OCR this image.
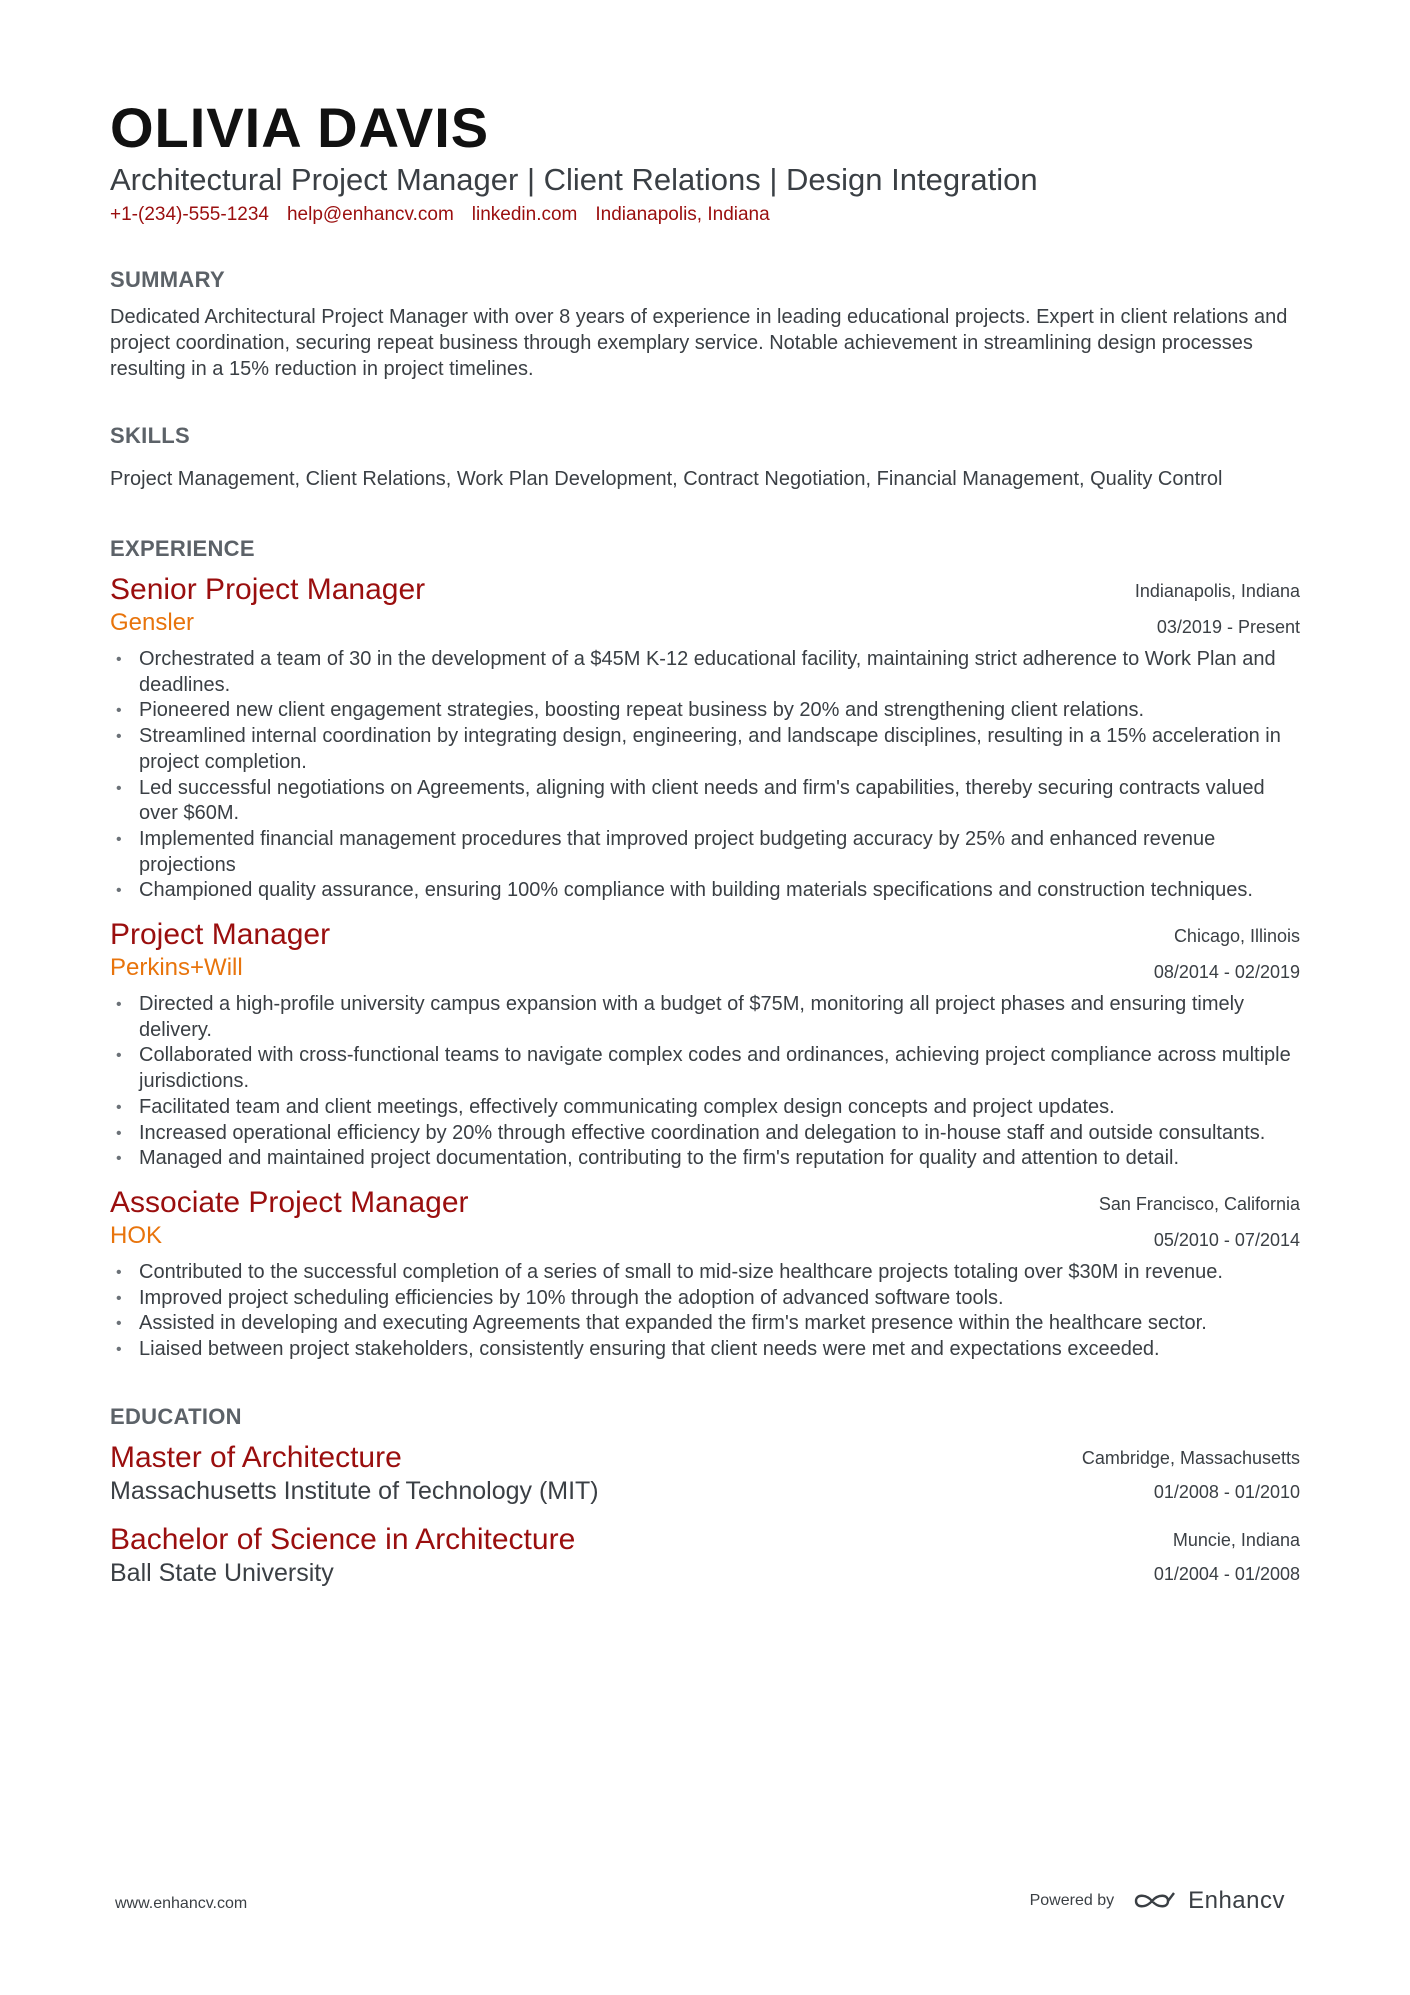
OLIVIA DAVIS
Architectural Project Manager | Client Relations | Design Integration
+1-(234)-555-1234 help@enhancv.com linkedin.com Indianapolis, Indiana
SUMMARY

Dedicated Architectural Project Manager with over 8 years of experience in leading educational projects. Expert in client relations and project coordination, securing repeat business through exemplary service. Notable achievement in streamlining design processes resulting in a 15% reduction in project timelines.

SKILLS

Project Management, Client Relations, Work Plan Development, Contract Negotiation, Financial Management, Quality Control

EXPERIENCE
Senior Project Manager
Gensler
Indianapolis, Indiana
03/2019 - Present
• Orchestrated a team of 30 in the development of a $45M K-12 educational facility, maintaining strict adherence to Work Plan and deadlines.
• Pioneered new client engagement strategies, boosting repeat business by 20% and strengthening client relations.
• Streamlined internal coordination by integrating design, engineering, and landscape disciplines, resulting in a 15% acceleration in project completion.
• Led successful negotiations on Agreements, aligning with client needs and firm's capabilities, thereby securing contracts valued over $60M.
• Implemented financial management procedures that improved project budgeting accuracy by 25% and enhanced revenue projections
• Championed quality assurance, ensuring 100% compliance with building materials specifications and construction techniques.
Project Manager
Perkins+Will
Chicago, Illinois
08/2014 - 02/2019
• Directed a high-profile university campus expansion with a budget of $75M, monitoring all project phases and ensuring timely delivery.
• Collaborated with cross-functional teams to navigate complex codes and ordinances, achieving project compliance across multiple jurisdictions.
• Facilitated team and client meetings, effectively communicating complex design concepts and project updates.
• Increased operational efficiency by 20% through effective coordination and delegation to in-house staff and outside consultants.
• Managed and maintained project documentation, contributing to the firm's reputation for quality and attention to detail.
Associate Project Manager
HOK
San Francisco, California
05/2010 - 07/2014
• Contributed to the successful completion of a series of small to mid-size healthcare projects totaling over $30M in revenue.
• Improved project scheduling efficiencies by 10% through the adoption of advanced software tools.
• Assisted in developing and executing Agreements that expanded the firm's market presence within the healthcare sector.
• Liaised between project stakeholders, consistently ensuring that client needs were met and expectations exceeded.
EDUCATION
Master of Architecture
Massachusetts Institute of Technology (MIT)
Cambridge, Massachusetts
01/2008 - 01/2010
Bachelor of Science in Architecture
Ball State University
Muncie, Indiana
01/2004 - 01/2008
www.enhancv.com	Powered by	Enhancv
